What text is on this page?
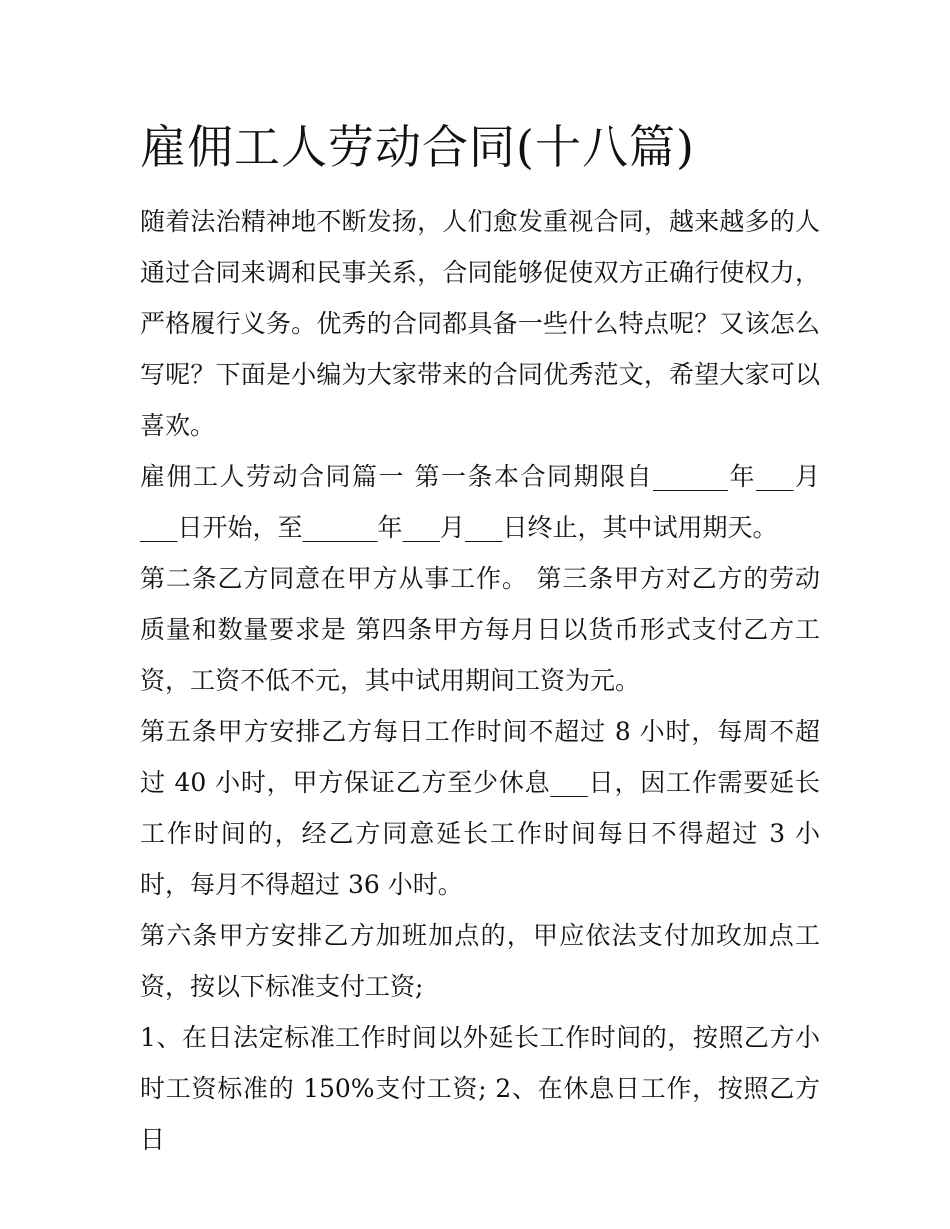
雇佣工人劳动合同(十八篇)

随着法治精神地不断发扬，人们愈发重视合同，越来越多的人通过合同来调和民事关系，合同能够促使双方正确行使权力，严格履行义务。优秀的合同都具备一些什么特点呢？又该怎么写呢？下面是小编为大家带来的合同优秀范文，希望大家可以喜欢。

雇佣工人劳动合同篇一 第一条本合同期限自______年___月___日开始，至______年___月___日终止，其中试用期天。

第二条乙方同意在甲方从事工作。 第三条甲方对乙方的劳动质量和数量要求是 第四条甲方每月日以货币形式支付乙方工资，工资不低不元，其中试用期间工资为元。

第五条甲方安排乙方每日工作时间不超过 8 小时，每周不超过 40 小时，甲方保证乙方至少休息___日，因工作需要延长工作时间的，经乙方同意延长工作时间每日不得超过 3 小时，每月不得超过 36 小时。

第六条甲方安排乙方加班加点的，甲应依法支付加玫加点工资，按以下标准支付工资;

1、在日法定标准工作时间以外延长工作时间的，按照乙方小时工资标准的 150%支付工资; 2、在休息日工作，按照乙方日
